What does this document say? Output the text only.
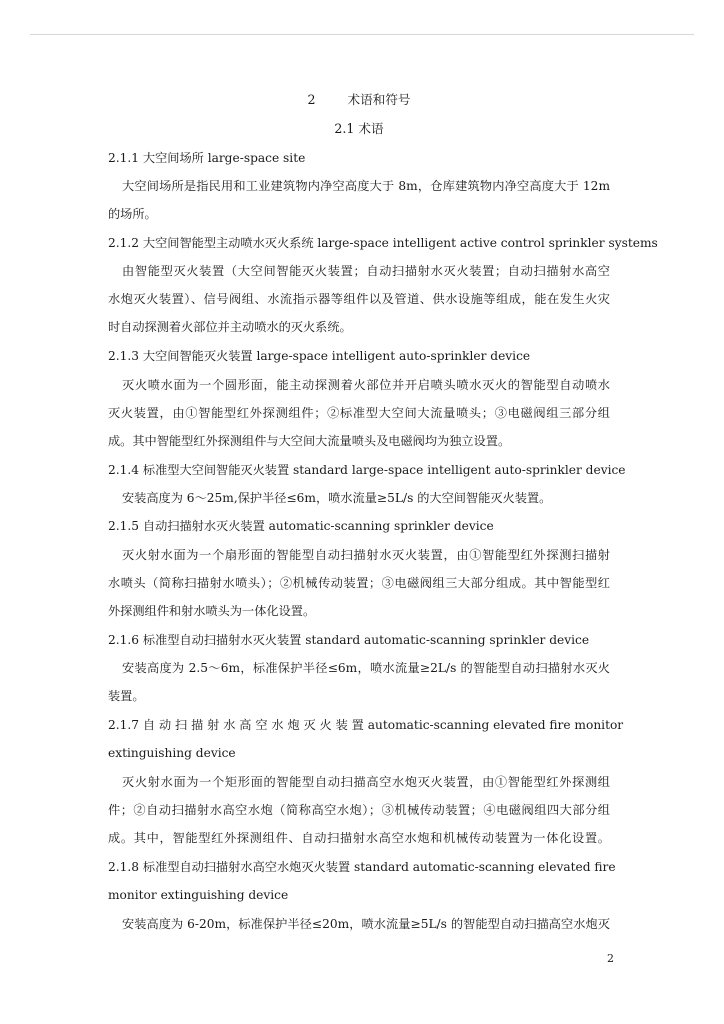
2	术语和符号
2.1 术语
2.1.1 大空间场所 large-space site
大空间场所是指民用和工业建筑物内净空高度大于 8m，仓库建筑物内净空高度大于 12m
的场所。
2.1.2 大空间智能型主动喷水灭火系统 large-space intelligent active control sprinkler systems
由智能型灭火装置（大空间智能灭火装置；自动扫描射水灭火装置；自动扫描射水高空
水炮灭火装置）、信号阀组、水流指示器等组件以及管道、供水设施等组成，能在发生火灾
时自动探测着火部位并主动喷水的灭火系统。
2.1.3 大空间智能灭火装置 large-space intelligent auto-sprinkler device
灭火喷水面为一个圆形面，能主动探测着火部位并开启喷头喷水灭火的智能型自动喷水
灭火装置，由①智能型红外探测组件；②标准型大空间大流量喷头；③电磁阀组三部分组
成。其中智能型红外探测组件与大空间大流量喷头及电磁阀均为独立设置。
2.1.4 标准型大空间智能灭火装置 standard large-space intelligent auto-sprinkler device
安装高度为 6～25m,保护半径≤6m，喷水流量≥5L/s 的大空间智能灭火装置。
2.1.5 自动扫描射水灭火装置 automatic-scanning sprinkler device
灭火射水面为一个扇形面的智能型自动扫描射水灭火装置，由①智能型红外探测扫描射
水喷头（简称扫描射水喷头）；②机械传动装置；③电磁阀组三大部分组成。其中智能型红
外探测组件和射水喷头为一体化设置。
2.1.6 标准型自动扫描射水灭火装置 standard automatic-scanning sprinkler device
安装高度为 2.5～6m，标准保护半径≤6m，喷水流量≥2L/s 的智能型自动扫描射水灭火
装置。
2.1.7 自 动 扫 描 射 水 高 空 水 炮 灭 火 装 置 automatic-scanning elevated fire monitor
extinguishing device
灭火射水面为一个矩形面的智能型自动扫描高空水炮灭火装置，由①智能型红外探测组
件；②自动扫描射水高空水炮（简称高空水炮）；③机械传动装置；④电磁阀组四大部分组
成。其中，智能型红外探测组件、自动扫描射水高空水炮和机械传动装置为一体化设置。
2.1.8 标准型自动扫描射水高空水炮灭火装置 standard automatic-scanning elevated fire
monitor extinguishing device
安装高度为 6-20m，标准保护半径≤20m，喷水流量≥5L/s 的智能型自动扫描高空水炮灭
2
